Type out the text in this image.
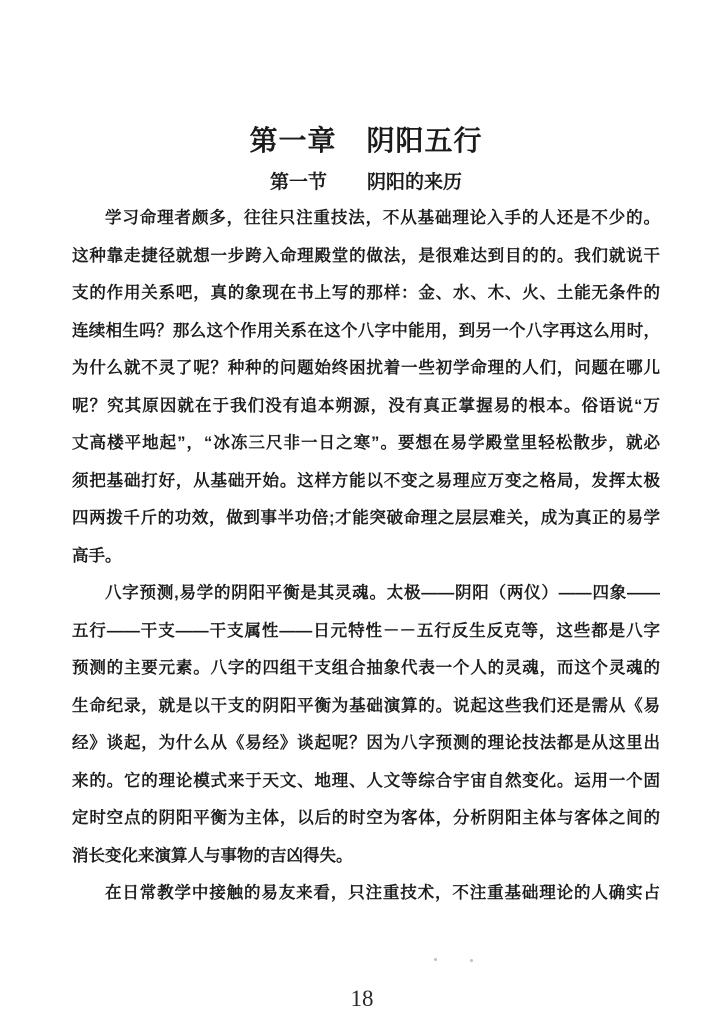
第一章 阴阳五行
第一节 阴阳的来历
学习命理者颇多，往往只注重技法，不从基础理论入手的人还是不少的。
这种靠走捷径就想一步跨入命理殿堂的做法，是很难达到目的的。我们就说干
支的作用关系吧，真的象现在书上写的那样：金、水、木、火、土能无条件的
连续相生吗？那么这个作用关系在这个八字中能用，到另一个八字再这么用时，
为什么就不灵了呢？种种的问题始终困扰着一些初学命理的人们，问题在哪儿
呢？究其原因就在于我们没有追本朔源，没有真正掌握易的根本。俗语说“万
丈高楼平地起”，“冰冻三尺非一日之寒”。要想在易学殿堂里轻松散步，就必
须把基础打好，从基础开始。这样方能以不变之易理应万变之格局，发挥太极
四两拨千斤的功效，做到事半功倍;才能突破命理之层层难关，成为真正的易学
高手。
八字预测,易学的阴阳平衡是其灵魂。太极——阴阳（两仪）——四象——
五行——干支——干支属性——日元特性－－五行反生反克等，这些都是八字
预测的主要元素。八字的四组干支组合抽象代表一个人的灵魂，而这个灵魂的
生命纪录，就是以干支的阴阳平衡为基础演算的。说起这些我们还是需从《易
经》谈起，为什么从《易经》谈起呢？因为八字预测的理论技法都是从这里出
来的。它的理论模式来于天文、地理、人文等综合宇宙自然变化。运用一个固
定时空点的阴阳平衡为主体，以后的时空为客体，分析阴阳主体与客体之间的
消长变化来演算人与事物的吉凶得失。
在日常教学中接触的易友来看，只注重技术，不注重基础理论的人确实占
18
